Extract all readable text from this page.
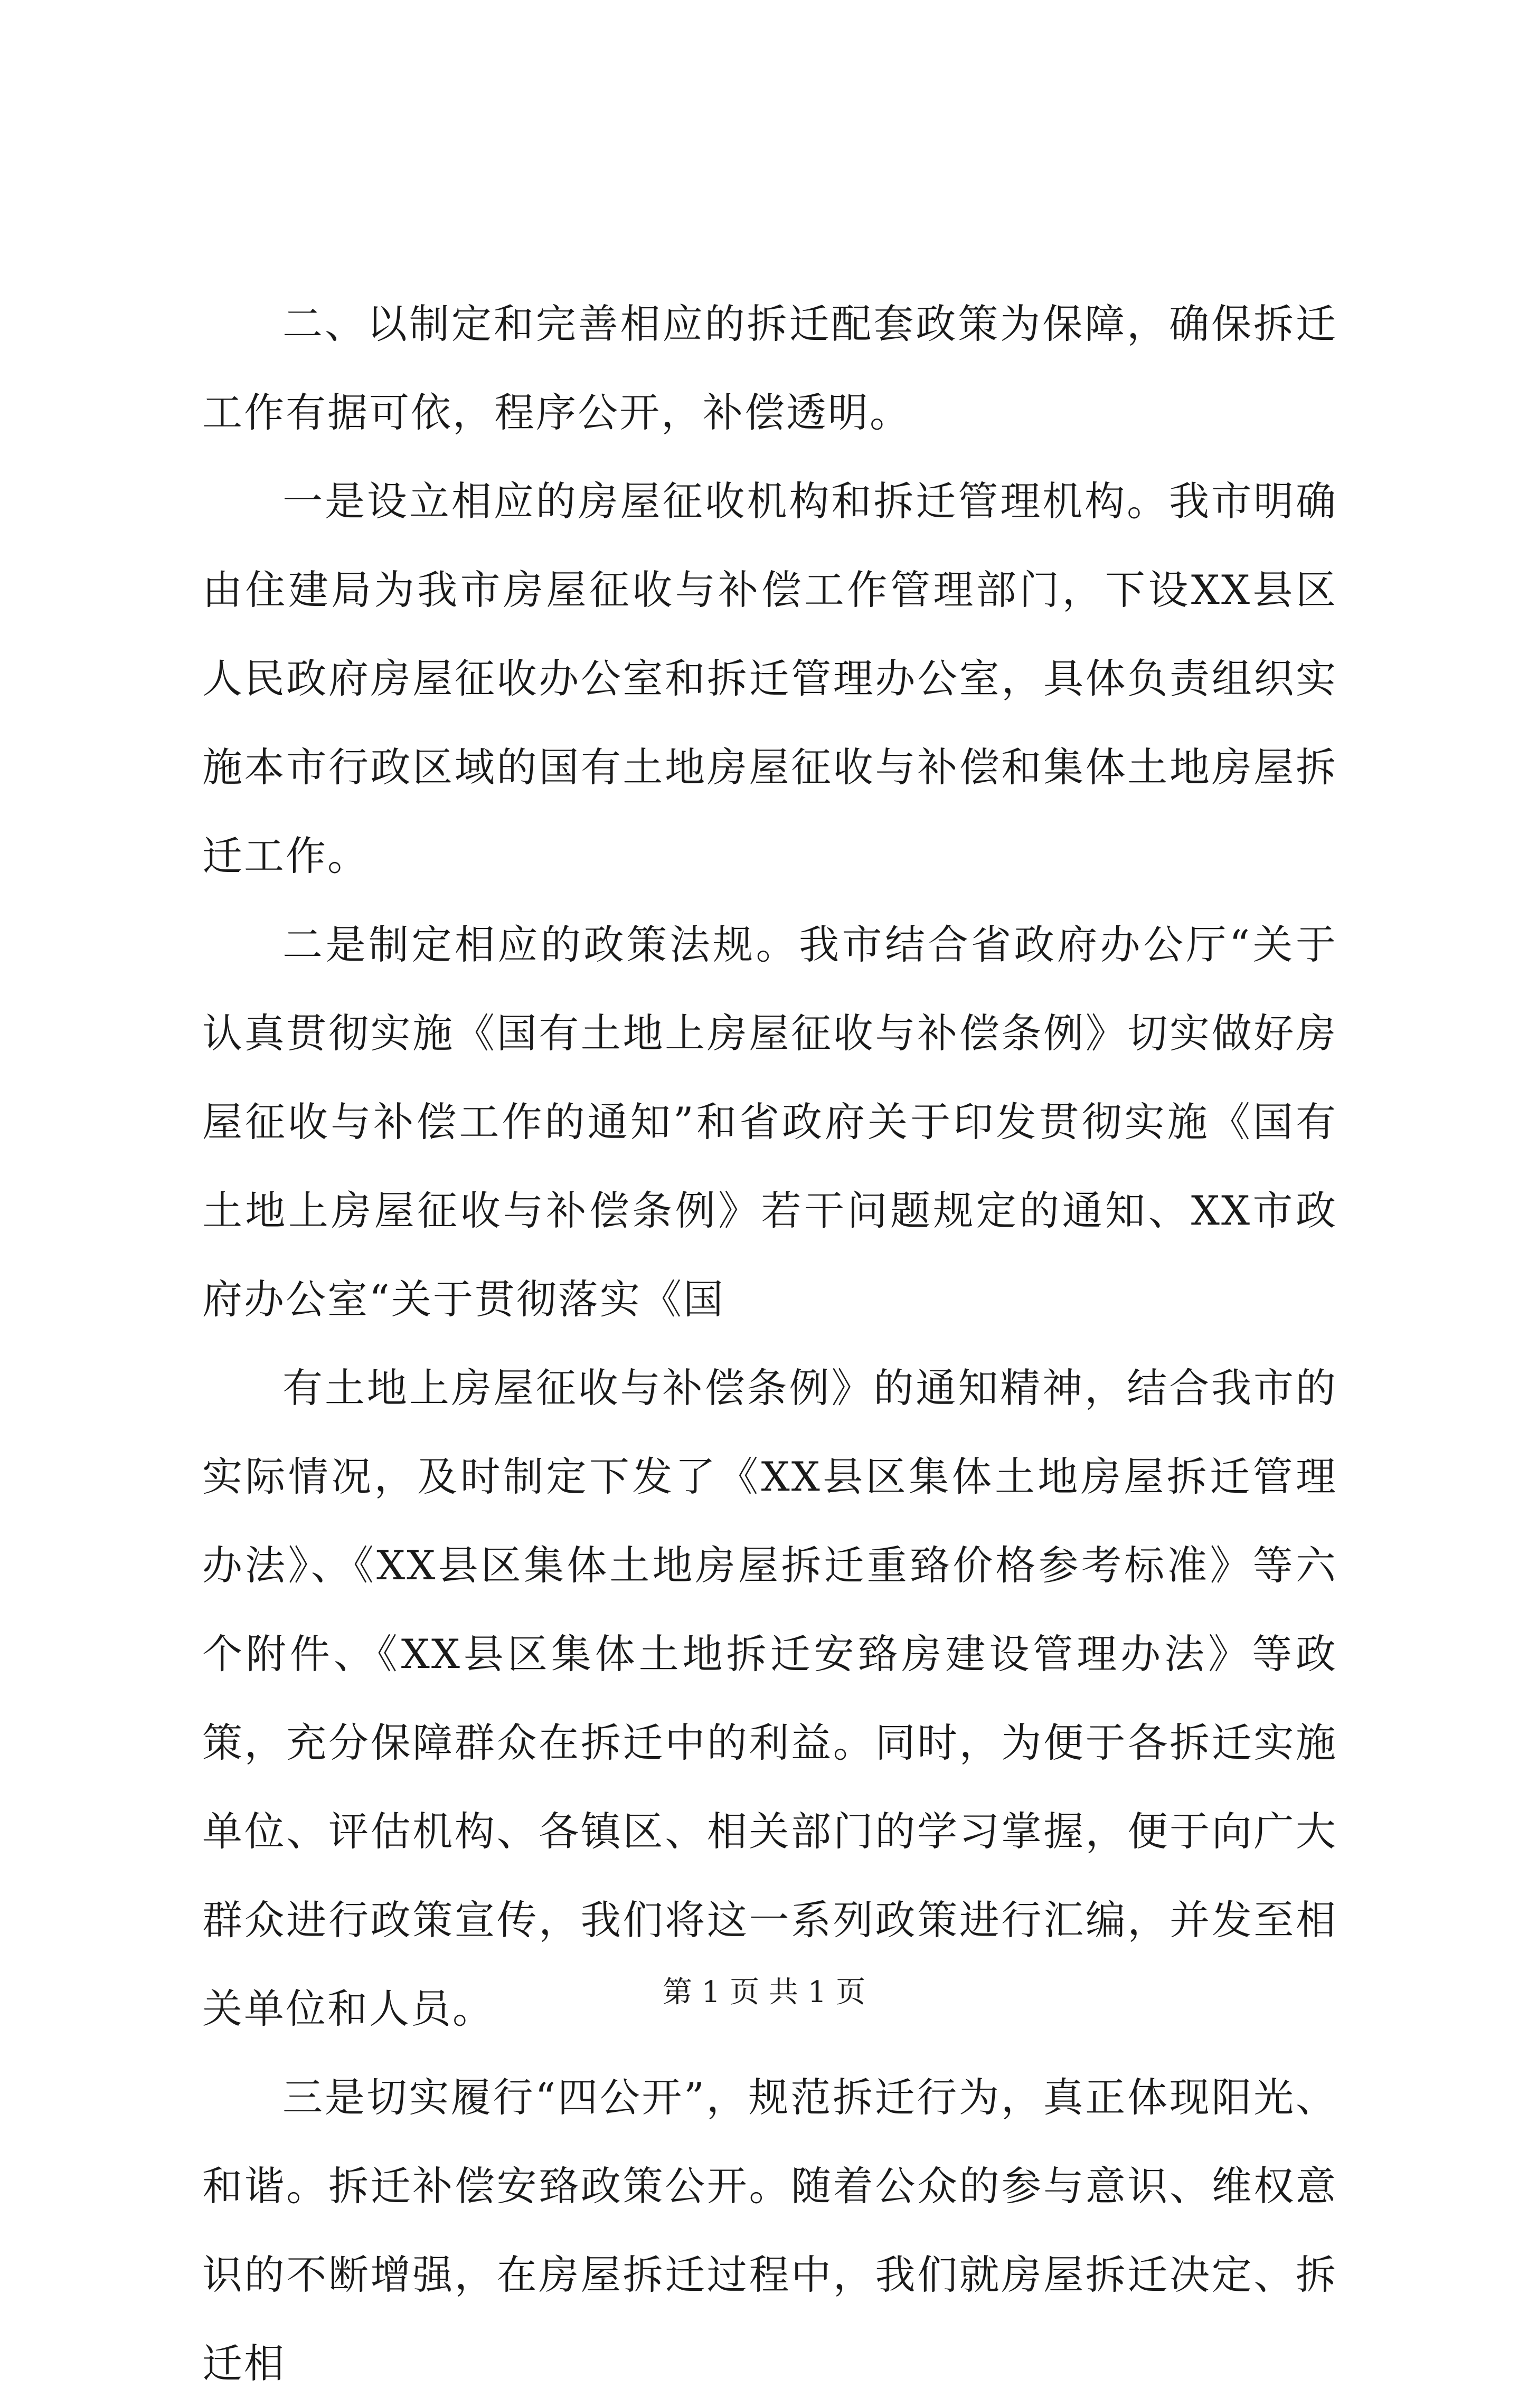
二、以制定和完善相应的拆迁配套政策为保障，确保拆迁工作有据可依，程序公开，补偿透明。

一是设立相应的房屋征收机构和拆迁管理机构。我市明确由住建局为我市房屋征收与补偿工作管理部门，下设XX县区人民政府房屋征收办公室和拆迁管理办公室，具体负责组织实施本市行政区域的国有土地房屋征收与补偿和集体土地房屋拆迁工作。

二是制定相应的政策法规。我市结合省政府办公厅“关于认真贯彻实施《国有土地上房屋征收与补偿条例》切实做好房屋征收与补偿工作的通知”和省政府关于印发贯彻实施《国有土地上房屋征收与补偿条例》若干问题规定的通知、XX市政府办公室“关于贯彻落实《国

有土地上房屋征收与补偿条例》的通知精神，结合我市的实际情况，及时制定下发了《XX县区集体土地房屋拆迁管理办法》、《XX县区集体土地房屋拆迁重臵价格参考标准》等六个附件、《XX县区集体土地拆迁安臵房建设管理办法》等政策，充分保障群众在拆迁中的利益。同时，为便于各拆迁实施单位、评估机构、各镇区、相关部门的学习掌握，便于向广大群众进行政策宣传，我们将这一系列政策进行汇编，并发至相关单位和人员。

三是切实履行“四公开”，规范拆迁行为，真正体现阳光、和谐。拆迁补偿安臵政策公开。随着公众的参与意识、维权意识的不断增强，在房屋拆迁过程中，我们就房屋拆迁决定、拆迁相

第 1 页 共 1 页
